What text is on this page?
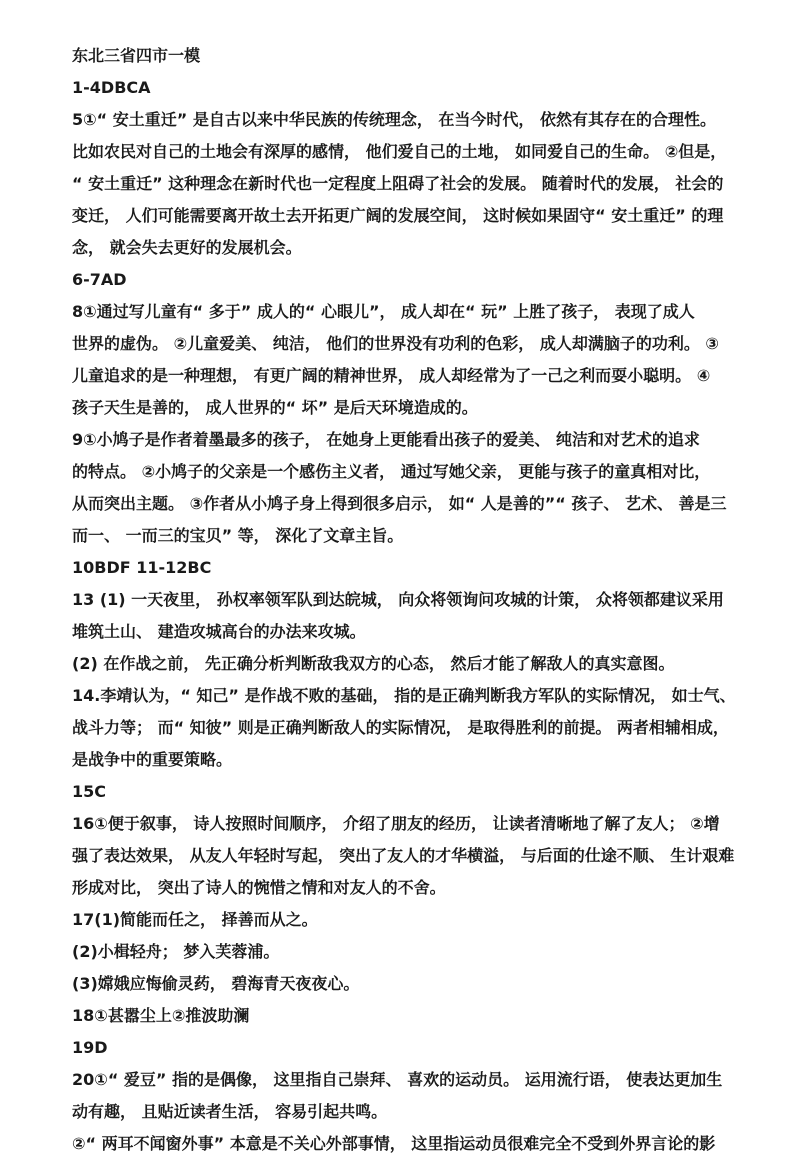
东北三省四市一模
1-4DBCA
5①“ 安土重迁” 是自古以来中华民族的传统理念， 在当今时代， 依然有其存在的合理性。
比如农民对自己的土地会有深厚的感情， 他们爱自己的土地， 如同爱自己的生命。 ②但是，
“ 安土重迁” 这种理念在新时代也一定程度上阻碍了社会的发展。 随着时代的发展， 社会的
变迁， 人们可能需要离开故土去开拓更广阔的发展空间， 这时候如果固守“ 安土重迁” 的理
念， 就会失去更好的发展机会。
6-7AD
8①通过写儿童有“ 多于” 成人的“ 心眼儿”， 成人却在“ 玩” 上胜了孩子， 表现了成人
世界的虚伪。 ②儿童爱美、 纯洁， 他们的世界没有功利的色彩， 成人却满脑子的功利。 ③
儿童追求的是一种理想， 有更广阔的精神世界， 成人却经常为了一己之利而耍小聪明。 ④
孩子天生是善的， 成人世界的“ 坏” 是后天环境造成的。
9①小鸠子是作者着墨最多的孩子， 在她身上更能看出孩子的爱美、 纯洁和对艺术的追求
的特点。 ②小鸠子的父亲是一个感伤主义者， 通过写她父亲， 更能与孩子的童真相对比，
从而突出主题。 ③作者从小鸠子身上得到很多启示， 如“ 人是善的”“ 孩子、 艺术、 善是三
而一、 一而三的宝贝” 等， 深化了文章主旨。
10BDF 11-12BC
13 (1) 一天夜里， 孙权率领军队到达皖城， 向众将领询问攻城的计策， 众将领都建议采用
堆筑土山、 建造攻城高台的办法来攻城。
(2) 在作战之前， 先正确分析判断敌我双方的心态， 然后才能了解敌人的真实意图。
14.李靖认为，“ 知己” 是作战不败的基础， 指的是正确判断我方军队的实际情况， 如士气、
战斗力等； 而“ 知彼” 则是正确判断敌人的实际情况， 是取得胜利的前提。 两者相辅相成，
是战争中的重要策略。
15C
16①便于叙事， 诗人按照时间顺序， 介绍了朋友的经历， 让读者清晰地了解了友人； ②增
强了表达效果， 从友人年轻时写起， 突出了友人的才华横溢， 与后面的仕途不顺、 生计艰难
形成对比， 突出了诗人的惋惜之情和对友人的不舍。
17(1)简能而任之， 择善而从之。
(2)小楫轻舟； 梦入芙蓉浦。
(3)嫦娥应悔偷灵药， 碧海青天夜夜心。
18①甚嚣尘上②推波助澜
19D
20①“ 爱豆” 指的是偶像， 这里指自己崇拜、 喜欢的运动员。 运用流行语， 使表达更加生
动有趣， 且贴近读者生活， 容易引起共鸣。
②“ 两耳不闻窗外事” 本意是不关心外部事情， 这里指运动员很难完全不受到外界言论的影
